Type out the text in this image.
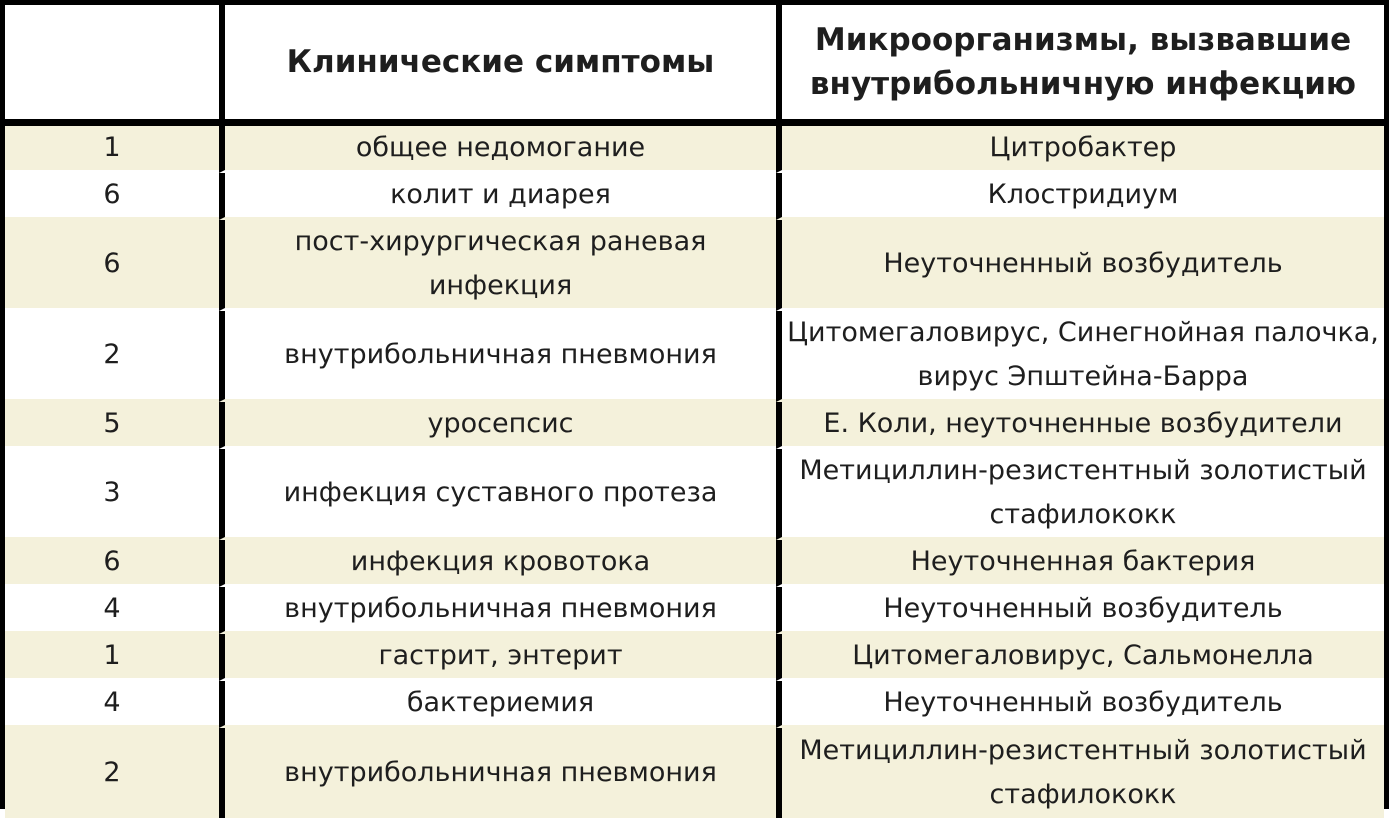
	Клинические симптомы	Микроорганизмы, вызвавшие внутрибольничную инфекцию
1	общее недомогание	Цитробактер
6	колит и диарея	Клостридиум
6	пост-хирургическая раневая инфекция	Неуточненный возбудитель
2	внутрибольничная пневмония	Цитомегаловирус, Синегнойная палочка, вирус Эпштейна-Барра
5	уросепсис	Е. Коли, неуточненные возбудители
3	инфекция суставного протеза	Метициллин-резистентный золотистый стафилококк
6	инфекция кровотока	Неуточненная бактерия
4	внутрибольничная пневмония	Неуточненный возбудитель
1	гастрит, энтерит	Цитомегаловирус, Сальмонелла
4	бактериемия	Неуточненный возбудитель
2	внутрибольничная пневмония	Метициллин-резистентный золотистый стафилококк
